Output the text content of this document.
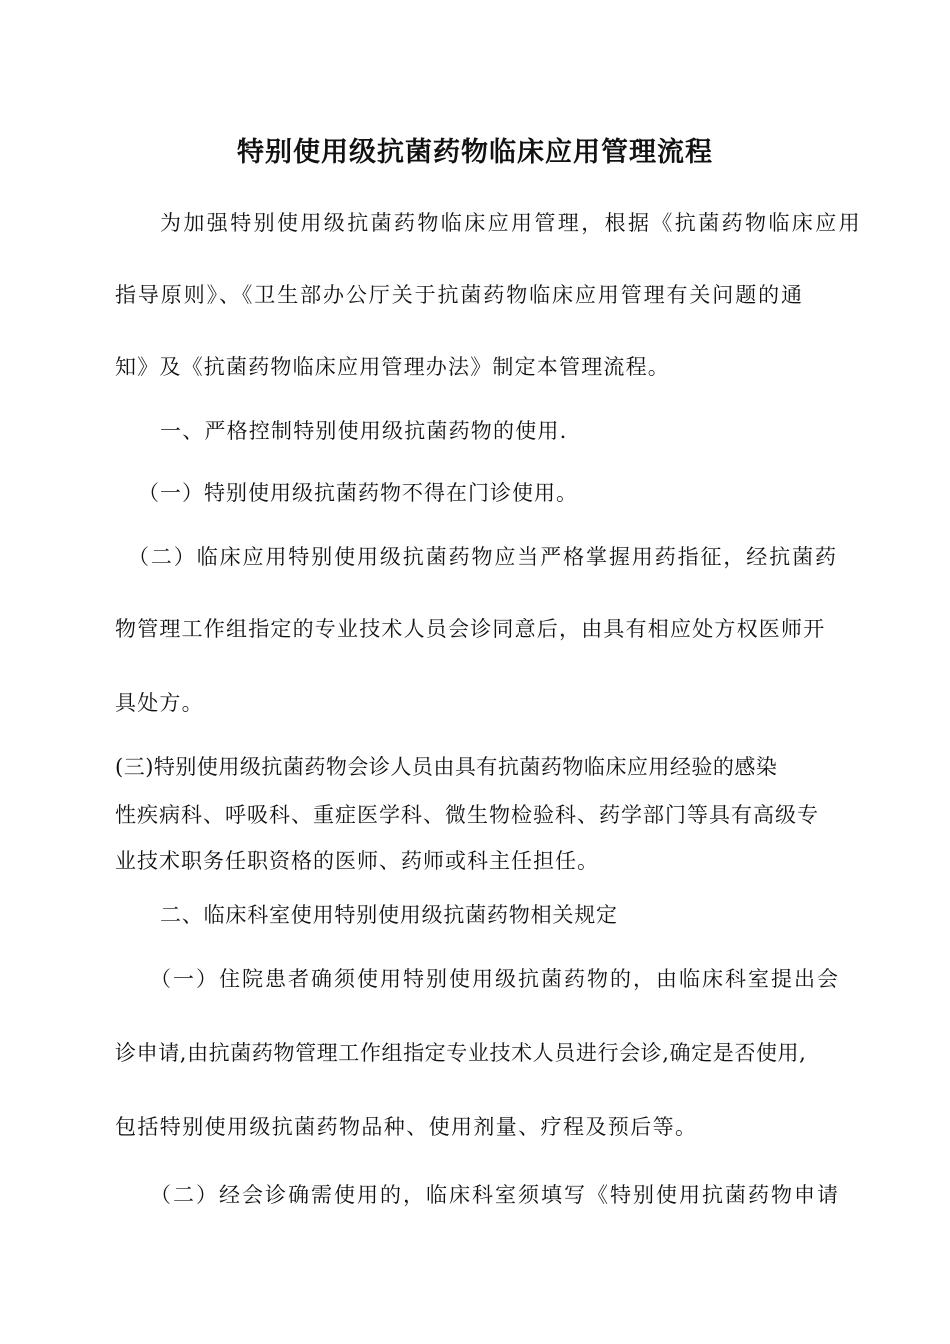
特别使用级抗菌药物临床应用管理流程

为加强特别使用级抗菌药物临床应用管理，根据《抗菌药物临床应用

指导原则》、《卫生部办公厅关于抗菌药物临床应用管理有关问题的通

知》及《抗菌药物临床应用管理办法》制定本管理流程。

一、严格控制特别使用级抗菌药物的使用.

（一）特别使用级抗菌药物不得在门诊使用。

（二）临床应用特别使用级抗菌药物应当严格掌握用药指征，经抗菌药

物管理工作组指定的专业技术人员会诊同意后，由具有相应处方权医师开

具处方。

(三)特别使用级抗菌药物会诊人员由具有抗菌药物临床应用经验的感染

性疾病科、呼吸科、重症医学科、微生物检验科、药学部门等具有高级专

业技术职务任职资格的医师、药师或科主任担任。

二、临床科室使用特别使用级抗菌药物相关规定

（一）住院患者确须使用特别使用级抗菌药物的，由临床科室提出会

诊申请,由抗菌药物管理工作组指定专业技术人员进行会诊,确定是否使用,

包括特别使用级抗菌药物品种、使用剂量、疗程及预后等。

（二）经会诊确需使用的，临床科室须填写《特别使用抗菌药物申请
